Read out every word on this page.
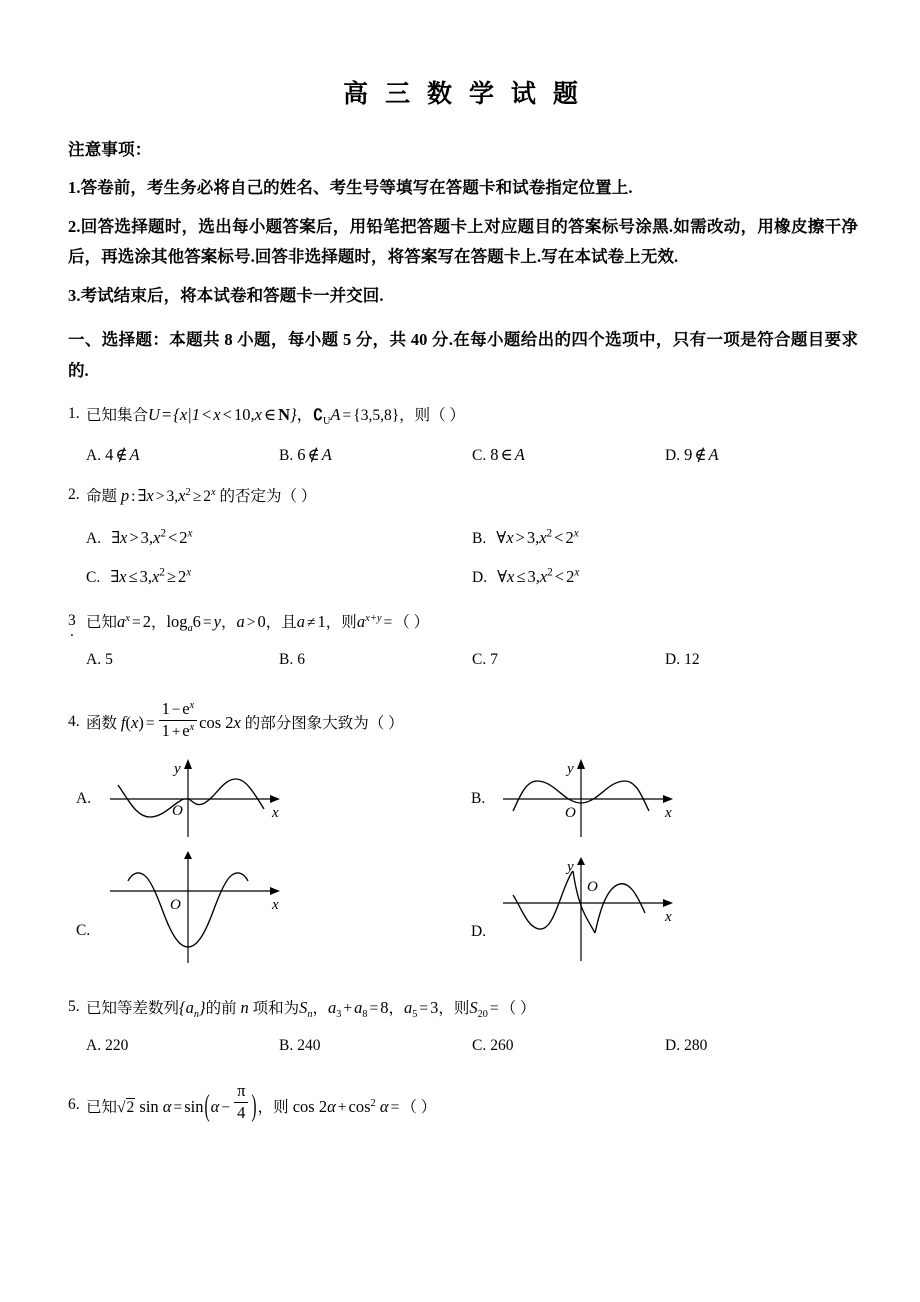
高 三 数 学 试 题
注意事项：
1.答卷前，考生务必将自己的姓名、考生号等填写在答题卡和试卷指定位置上.
2.回答选择题时，选出每小题答案后，用铅笔把答题卡上对应题目的答案标号涂黑.如需改动，用橡皮擦干净后，再选涂其他答案标号.回答非选择题时，将答案写在答题卡上.写在本试卷上无效.
3.考试结束后，将本试卷和答题卡一并交回.
一、选择题：本题共 8 小题，每小题 5 分，共 40 分.在每小题给出的四个选项中，只有一项是符合题目要求的.
1. 已知集合U = {x|1 < x < 10,x ∈ N}，$∁_UA = \{3,5,8\}$，则（ ）
A. 4 ∉ A	B. 6 ∉ A	C. 8 ∈ A	D. 9 ∉ A
2. 命题 p : ∃x > $3,x^2 \ge 2^x$ 的否定为（ ）
A. ∃x > $3,x^2 < 2^x$	B. ∀x > $3,x^2 < 2^x$
C. ∃x ≤ $3,x^2 \ge 2^x$	D. ∀x ≤ $3,x^2 < 2^x$
3 . 已知$a^x = 2$，$\log_a6 = y$，a > 0，且a ≠ 1，则$a^{x+y}$ = （ ）
A. 5	B. 6	C. 7	D. 12
4. 函数 $f(x) = \frac{1 - e^x}{1 + e^x}$ cos 2x 的部分图象大致为（ ）
A.
y
O	x
B.
y
O	x
C.
O	x
D.
y
O
x
5. 已知等差数列$\{a_n\}$的前 n 项和为$S_n$，$a_3 + a_8 = 8$，$a_5 = 3$，则$S_{20}$ = （ ）
A. 220	B. 240	C. 260	D. 280
6. 已知√2 $\sin \alpha = \sin(\alpha - \frac{\pi}{4}$ )，则 $\cos 2\alpha + \cos^2 \alpha$ = （ ）
